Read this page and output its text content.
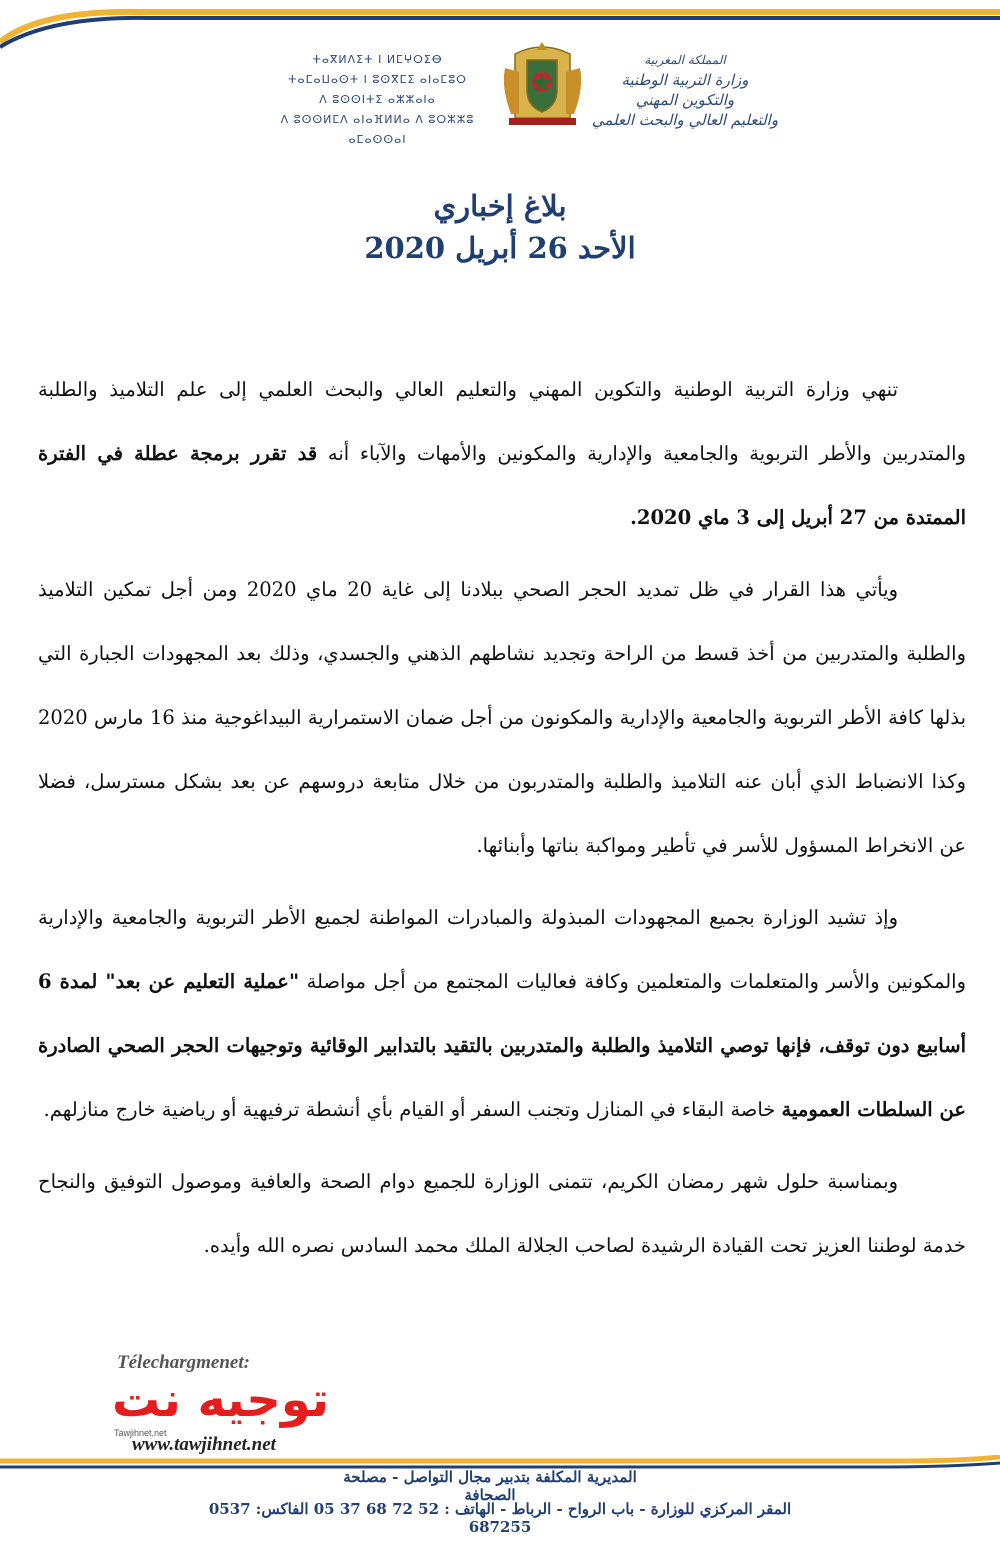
ⵜⴰⴳⵍⴷⵉⵜ ⵏ ⵍⵎⵖⵔⵉⴱ
ⵜⴰⵎⴰⵡⴰⵙⵜ ⵏ ⵓⵙⴳⵎⵉ ⴰⵏⴰⵎⵓⵔ
ⴷ ⵓⵙⵙⵏⵜⵉ ⴰⵣⵣⴰⵏⴰ
ⴷ ⵓⵙⵙⵍⵎⴷ ⴰⵏⴰⴼⵍⵍⴰ ⴷ ⵓⵔⵣⵣⵓ ⴰⵎⴰⵙⵙⴰⵏ
المملكة المغربية
وزارة التربية الوطنية
والتكوين المهني
والتعليم العالي والبحث العلمي
بلاغ إخباري
الأحد 26 أبريل 2020

تنهي وزارة التربية الوطنية والتكوين المهني والتعليم العالي والبحث العلمي إلى علم التلاميذ والطلبة والمتدربين والأطر التربوية والجامعية والإدارية والمكونين والأمهات والآباء أنه قد تقرر برمجة عطلة في الفترة الممتدة من 27 أبريل إلى 3 ماي 2020.

ويأتي هذا القرار في ظل تمديد الحجر الصحي ببلادنا إلى غاية 20 ماي 2020 ومن أجل تمكين التلاميذ والطلبة والمتدربين من أخذ قسط من الراحة وتجديد نشاطهم الذهني والجسدي، وذلك بعد المجهودات الجبارة التي بذلها كافة الأطر التربوية والجامعية والإدارية والمكونون من أجل ضمان الاستمرارية البيداغوجية منذ 16 مارس 2020 وكذا الانضباط الذي أبان عنه التلاميذ والطلبة والمتدربون من خلال متابعة دروسهم عن بعد بشكل مسترسل، فضلا عن الانخراط المسؤول للأسر في تأطير ومواكبة بناتها وأبنائها.

وإذ تشيد الوزارة بجميع المجهودات المبذولة والمبادرات المواطنة لجميع الأطر التربوية والجامعية والإدارية والمكونين والأسر والمتعلمات والمتعلمين وكافة فعاليات المجتمع من أجل مواصلة "عملية التعليم عن بعد" لمدة 6 أسابيع دون توقف، فإنها توصي التلاميذ والطلبة والمتدربين بالتقيد بالتدابير الوقائية وتوجيهات الحجر الصحي الصادرة عن السلطات العمومية خاصة البقاء في المنازل وتجنب السفر أو القيام بأي أنشطة ترفيهية أو رياضية خارج منازلهم.

وبمناسبة حلول شهر رمضان الكريم، تتمنى الوزارة للجميع دوام الصحة والعافية وموصول التوفيق والنجاح خدمة لوطننا العزيز تحت القيادة الرشيدة لصاحب الجلالة الملك محمد السادس نصره الله وأيده.

Télechargmenet:
توجيه نت
Tawjihnet.net
www.tawjihnet.net
المديرية المكلفة بتدبير مجال التواصل - مصلحة الصحافة
المقر المركزي للوزارة - باب الرواح - الرباط - الهاتف : 52 72 68 37 05 الفاكس: 0537 687255
